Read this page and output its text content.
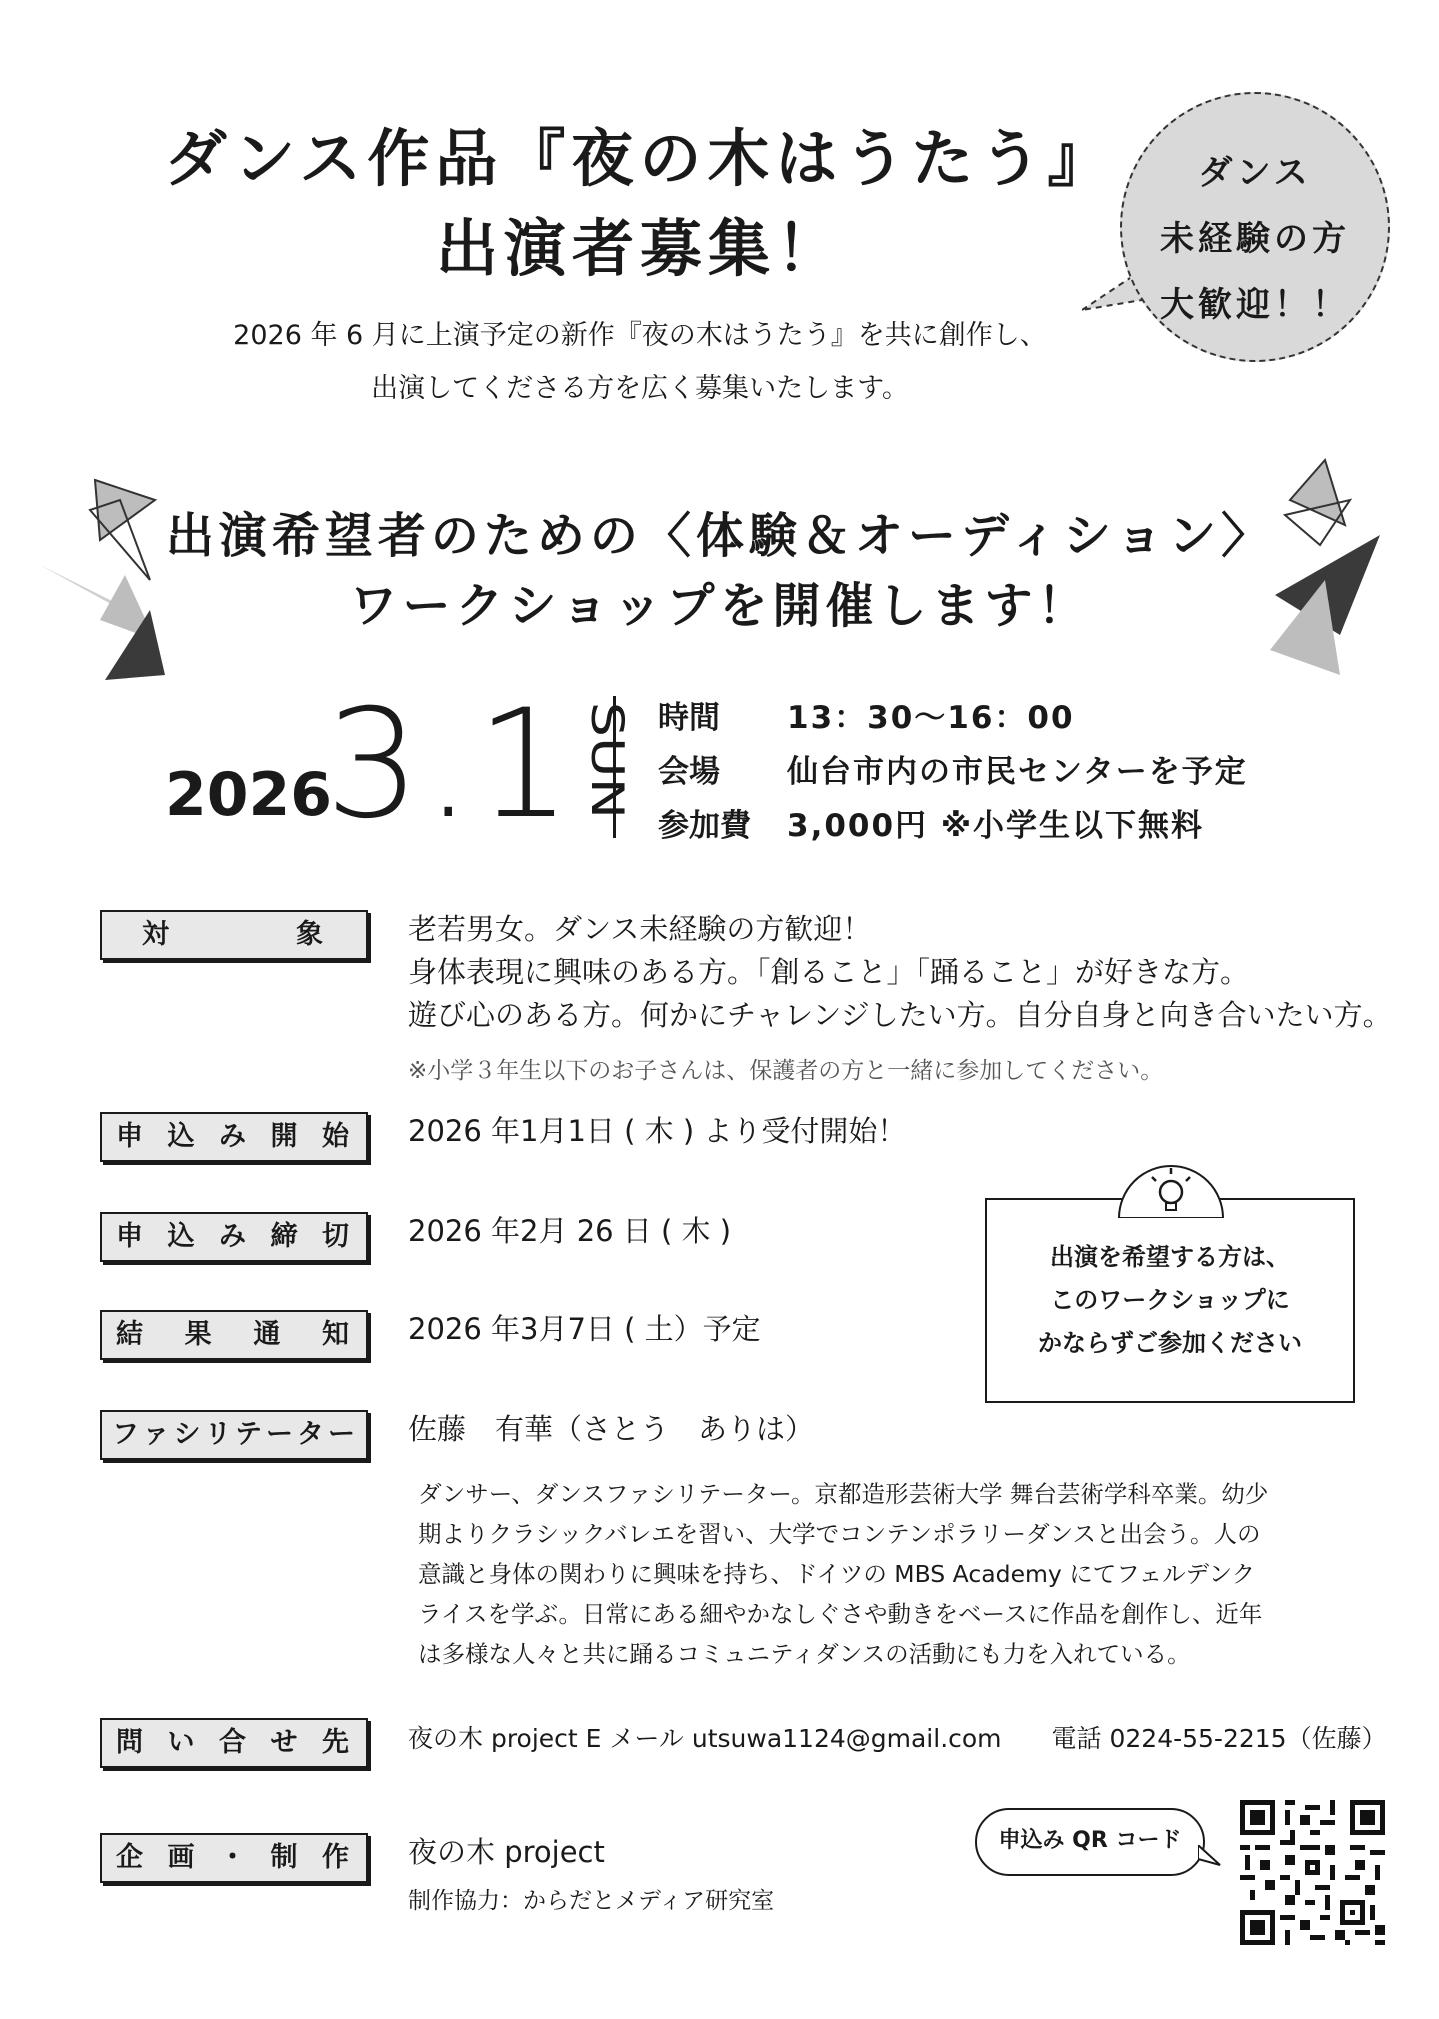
ダンス作品『夜の木はうたう』
出演者募集！
2026 年 6 月に上演予定の新作『夜の木はうたう』を共に創作し、
出演してくださる方を広く募集いたします。
ダンス
未経験の方
大歓迎！！
出演希望者のための〈体験＆オーディション〉
ワークショップを開催します！
2026
3.1 SUN 時間 13：30〜16：00
会場 仙台市内の市民センターを予定
参加費 3,000円 ※小学生以下無料
対象	老若男女。ダンス未経験の方歓迎！
身体表現に興味のある方。「創ること」「踊ること」が好きな方。
遊び心のある方。何かにチャレンジしたい方。自分自身と向き合いたい方。
※小学３年生以下のお子さんは、保護者の方と一緒に参加してください。
申込み開始	2026 年1月1日 ( 木 ) より受付開始！
申込み締切	2026 年2月 26 日 ( 木 )
結果通知	2026 年3月7日 ( 土）予定
出演を希望する方は、
このワークショップに
かならずご参加ください
ファシリテーター	佐藤　有華（さとう　ありは）
ダンサー、ダンスファシリテーター。京都造形芸術大学 舞台芸術学科卒業。幼少
期よりクラシックバレエを習い、大学でコンテンポラリーダンスと出会う。人の
意識と身体の関わりに興味を持ち、ドイツの MBS Academy にてフェルデンク
ライスを学ぶ。日常にある細やかなしぐさや動きをベースに作品を創作し、近年
は多様な人々と共に踊るコミュニティダンスの活動にも力を入れている。
問い合せ先	夜の木 project E メール utsuwa1124@gmail.com　　電話 0224-55-2215（佐藤）
企画・制作	夜の木 project
制作協力：からだとメディア研究室
申込み QR コード
